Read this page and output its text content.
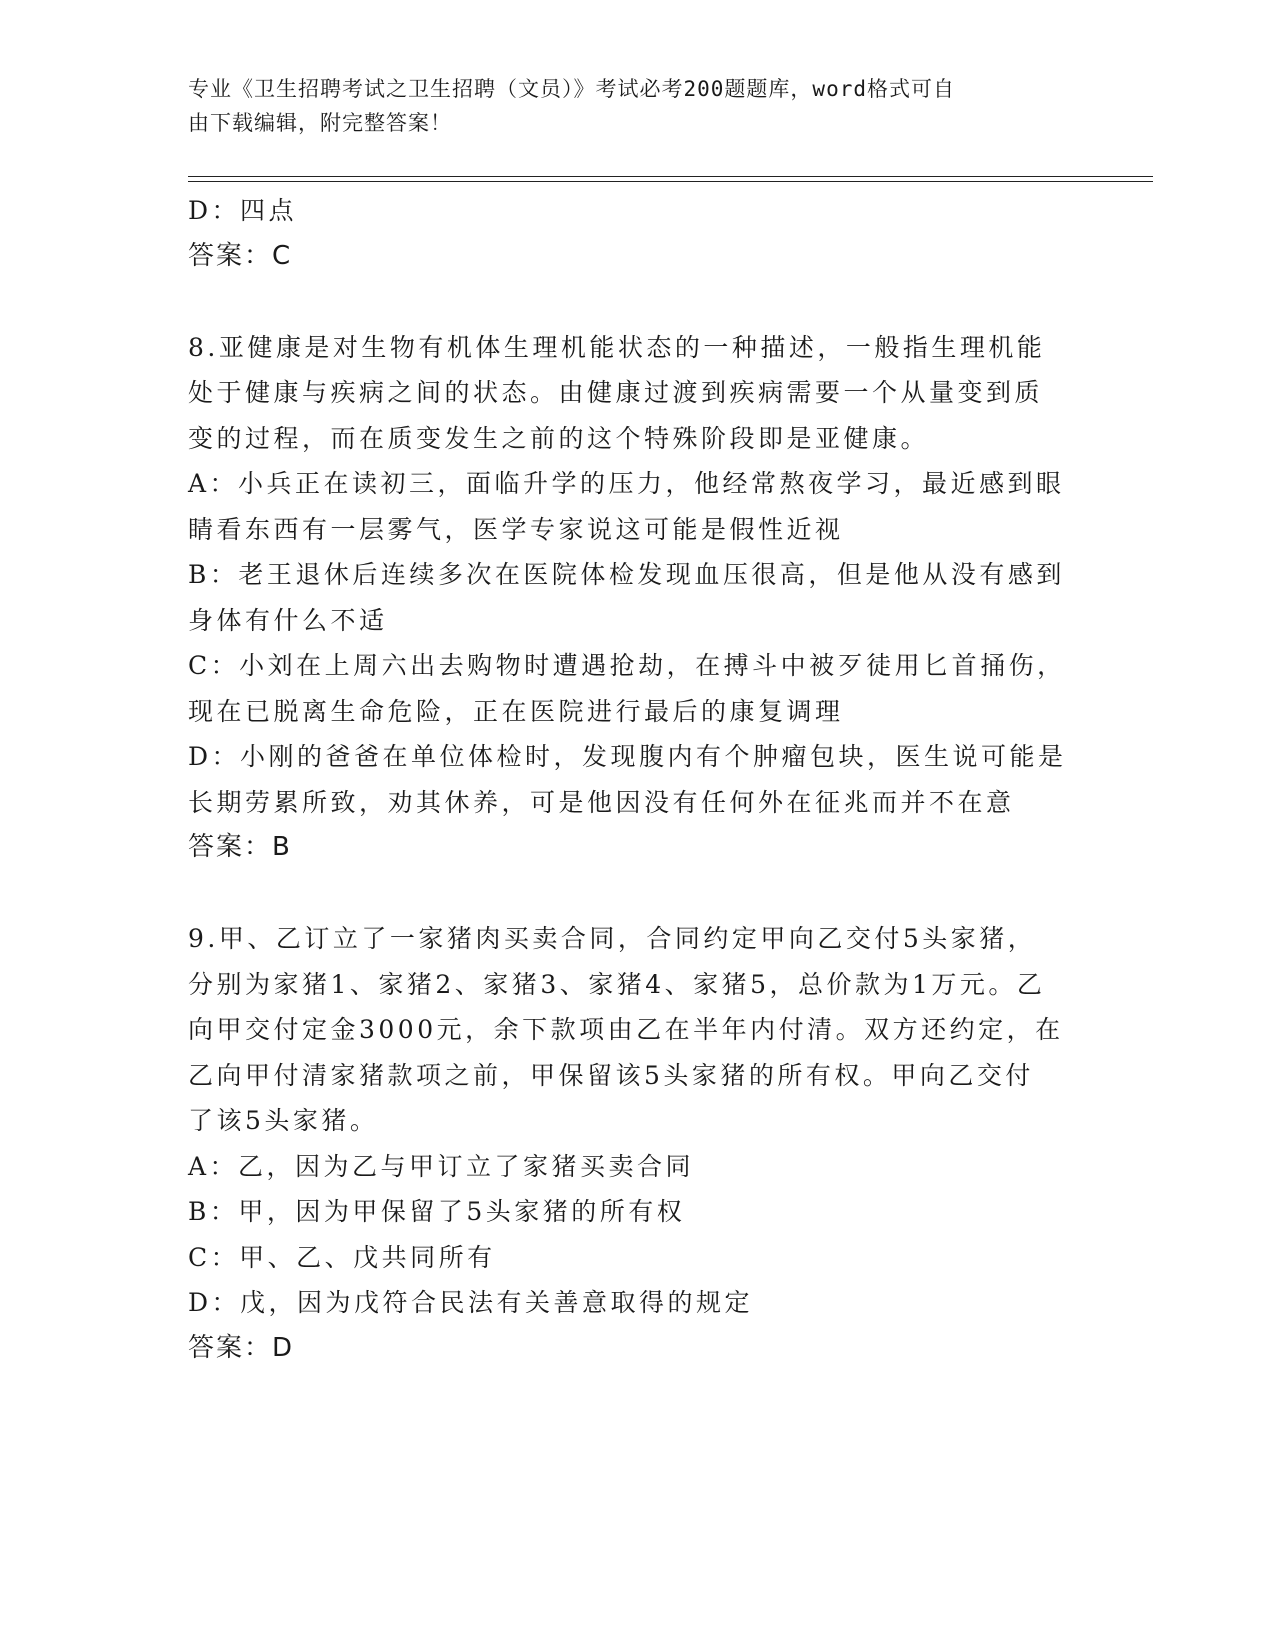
专业《卫生招聘考试之卫生招聘（文员）》考试必考200题题库，word格式可自
由下载编辑，附完整答案！

D：四点

答案：C

8.亚健康是对生物有机体生理机能状态的一种描述，一般指生理机能

处于健康与疾病之间的状态。由健康过渡到疾病需要一个从量变到质

变的过程，而在质变发生之前的这个特殊阶段即是亚健康。

A：小兵正在读初三，面临升学的压力，他经常熬夜学习，最近感到眼

睛看东西有一层雾气，医学专家说这可能是假性近视

B：老王退休后连续多次在医院体检发现血压很高，但是他从没有感到

身体有什么不适

C：小刘在上周六出去购物时遭遇抢劫，在搏斗中被歹徒用匕首捅伤，

现在已脱离生命危险，正在医院进行最后的康复调理

D：小刚的爸爸在单位体检时，发现腹内有个肿瘤包块，医生说可能是

长期劳累所致，劝其休养，可是他因没有任何外在征兆而并不在意

答案：B

9.甲、乙订立了一家猪肉买卖合同，合同约定甲向乙交付5头家猪，

分别为家猪1、家猪2、家猪3、家猪4、家猪5，总价款为1万元。乙

向甲交付定金3000元，余下款项由乙在半年内付清。双方还约定，在

乙向甲付清家猪款项之前，甲保留该5头家猪的所有权。甲向乙交付

了该5头家猪。

A：乙，因为乙与甲订立了家猪买卖合同

B：甲，因为甲保留了5头家猪的所有权

C：甲、乙、戊共同所有

D：戊，因为戊符合民法有关善意取得的规定

答案：D
